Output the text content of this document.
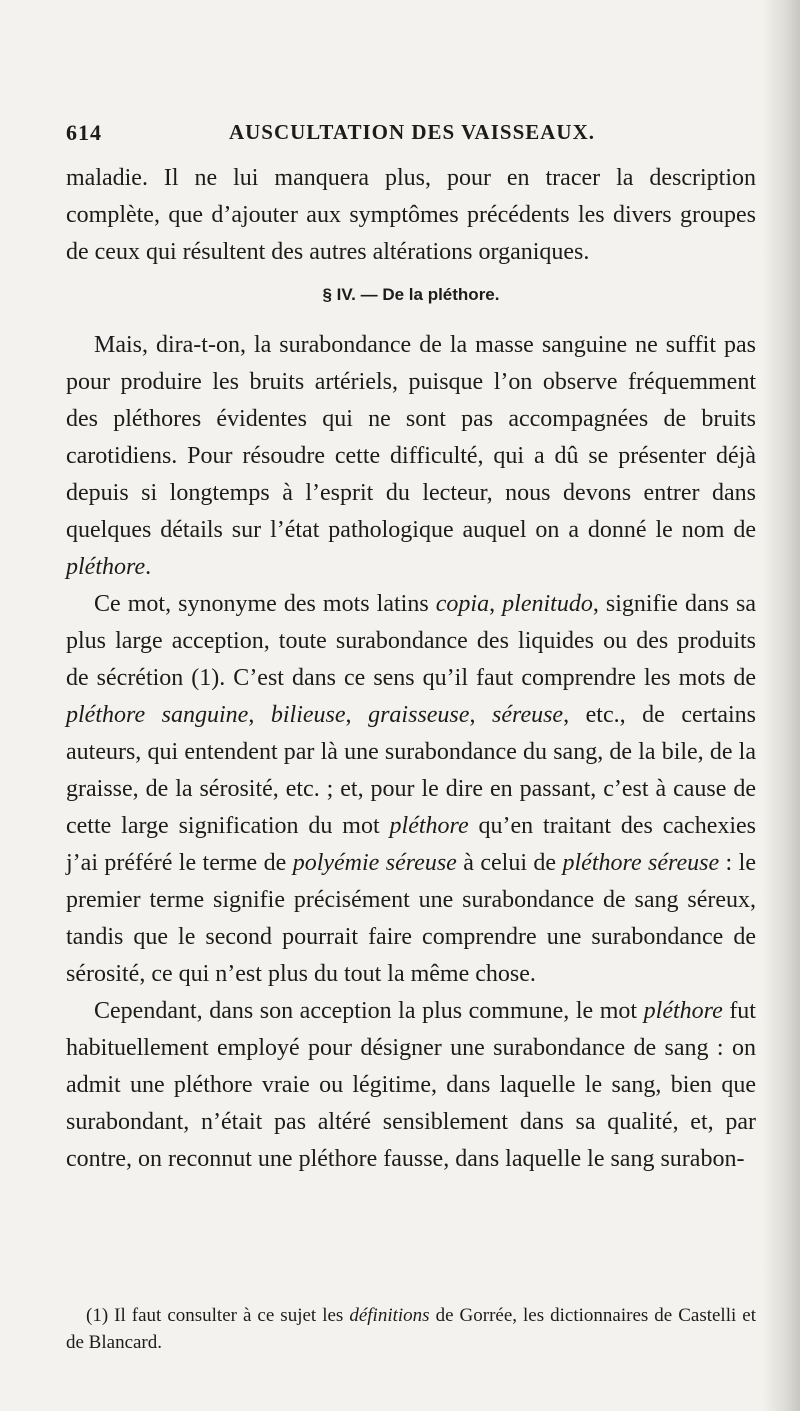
614	AUSCULTATION DES VAISSEAUX.

maladie. Il ne lui manquera plus, pour en tracer la description complète, que d’ajouter aux symptômes précédents les divers groupes de ceux qui résultent des autres altérations organiques.

§ IV. — De la pléthore.

Mais, dira-t-on, la surabondance de la masse sanguine ne suffit pas pour produire les bruits artériels, puisque l’on observe fréquemment des pléthores évidentes qui ne sont pas accompagnées de bruits carotidiens. Pour résoudre cette difficulté, qui a dû se présenter déjà depuis si longtemps à l’esprit du lecteur, nous devons entrer dans quelques détails sur l’état pathologique auquel on a donné le nom de pléthore.

Ce mot, synonyme des mots latins copia, plenitudo, signifie dans sa plus large acception, toute surabondance des liquides ou des produits de sécrétion (1). C’est dans ce sens qu’il faut comprendre les mots de pléthore sanguine, bilieuse, graisseuse, séreuse, etc., de certains auteurs, qui entendent par là une surabondance du sang, de la bile, de la graisse, de la sérosité, etc. ; et, pour le dire en passant, c’est à cause de cette large signification du mot pléthore qu’en traitant des cachexies j’ai préféré le terme de polyémie séreuse à celui de pléthore séreuse : le premier terme signifie précisément une surabondance de sang séreux, tandis que le second pourrait faire comprendre une surabondance de sérosité, ce qui n’est plus du tout la même chose.

Cependant, dans son acception la plus commune, le mot pléthore fut habituellement employé pour désigner une surabondance de sang : on admit une pléthore vraie ou légitime, dans laquelle le sang, bien que surabondant, n’était pas altéré sensiblement dans sa qualité, et, par contre, on reconnut une pléthore fausse, dans laquelle le sang surabon-

(1) Il faut consulter à ce sujet les définitions de Gorrée, les dictionnaires de Castelli et de Blancard.
